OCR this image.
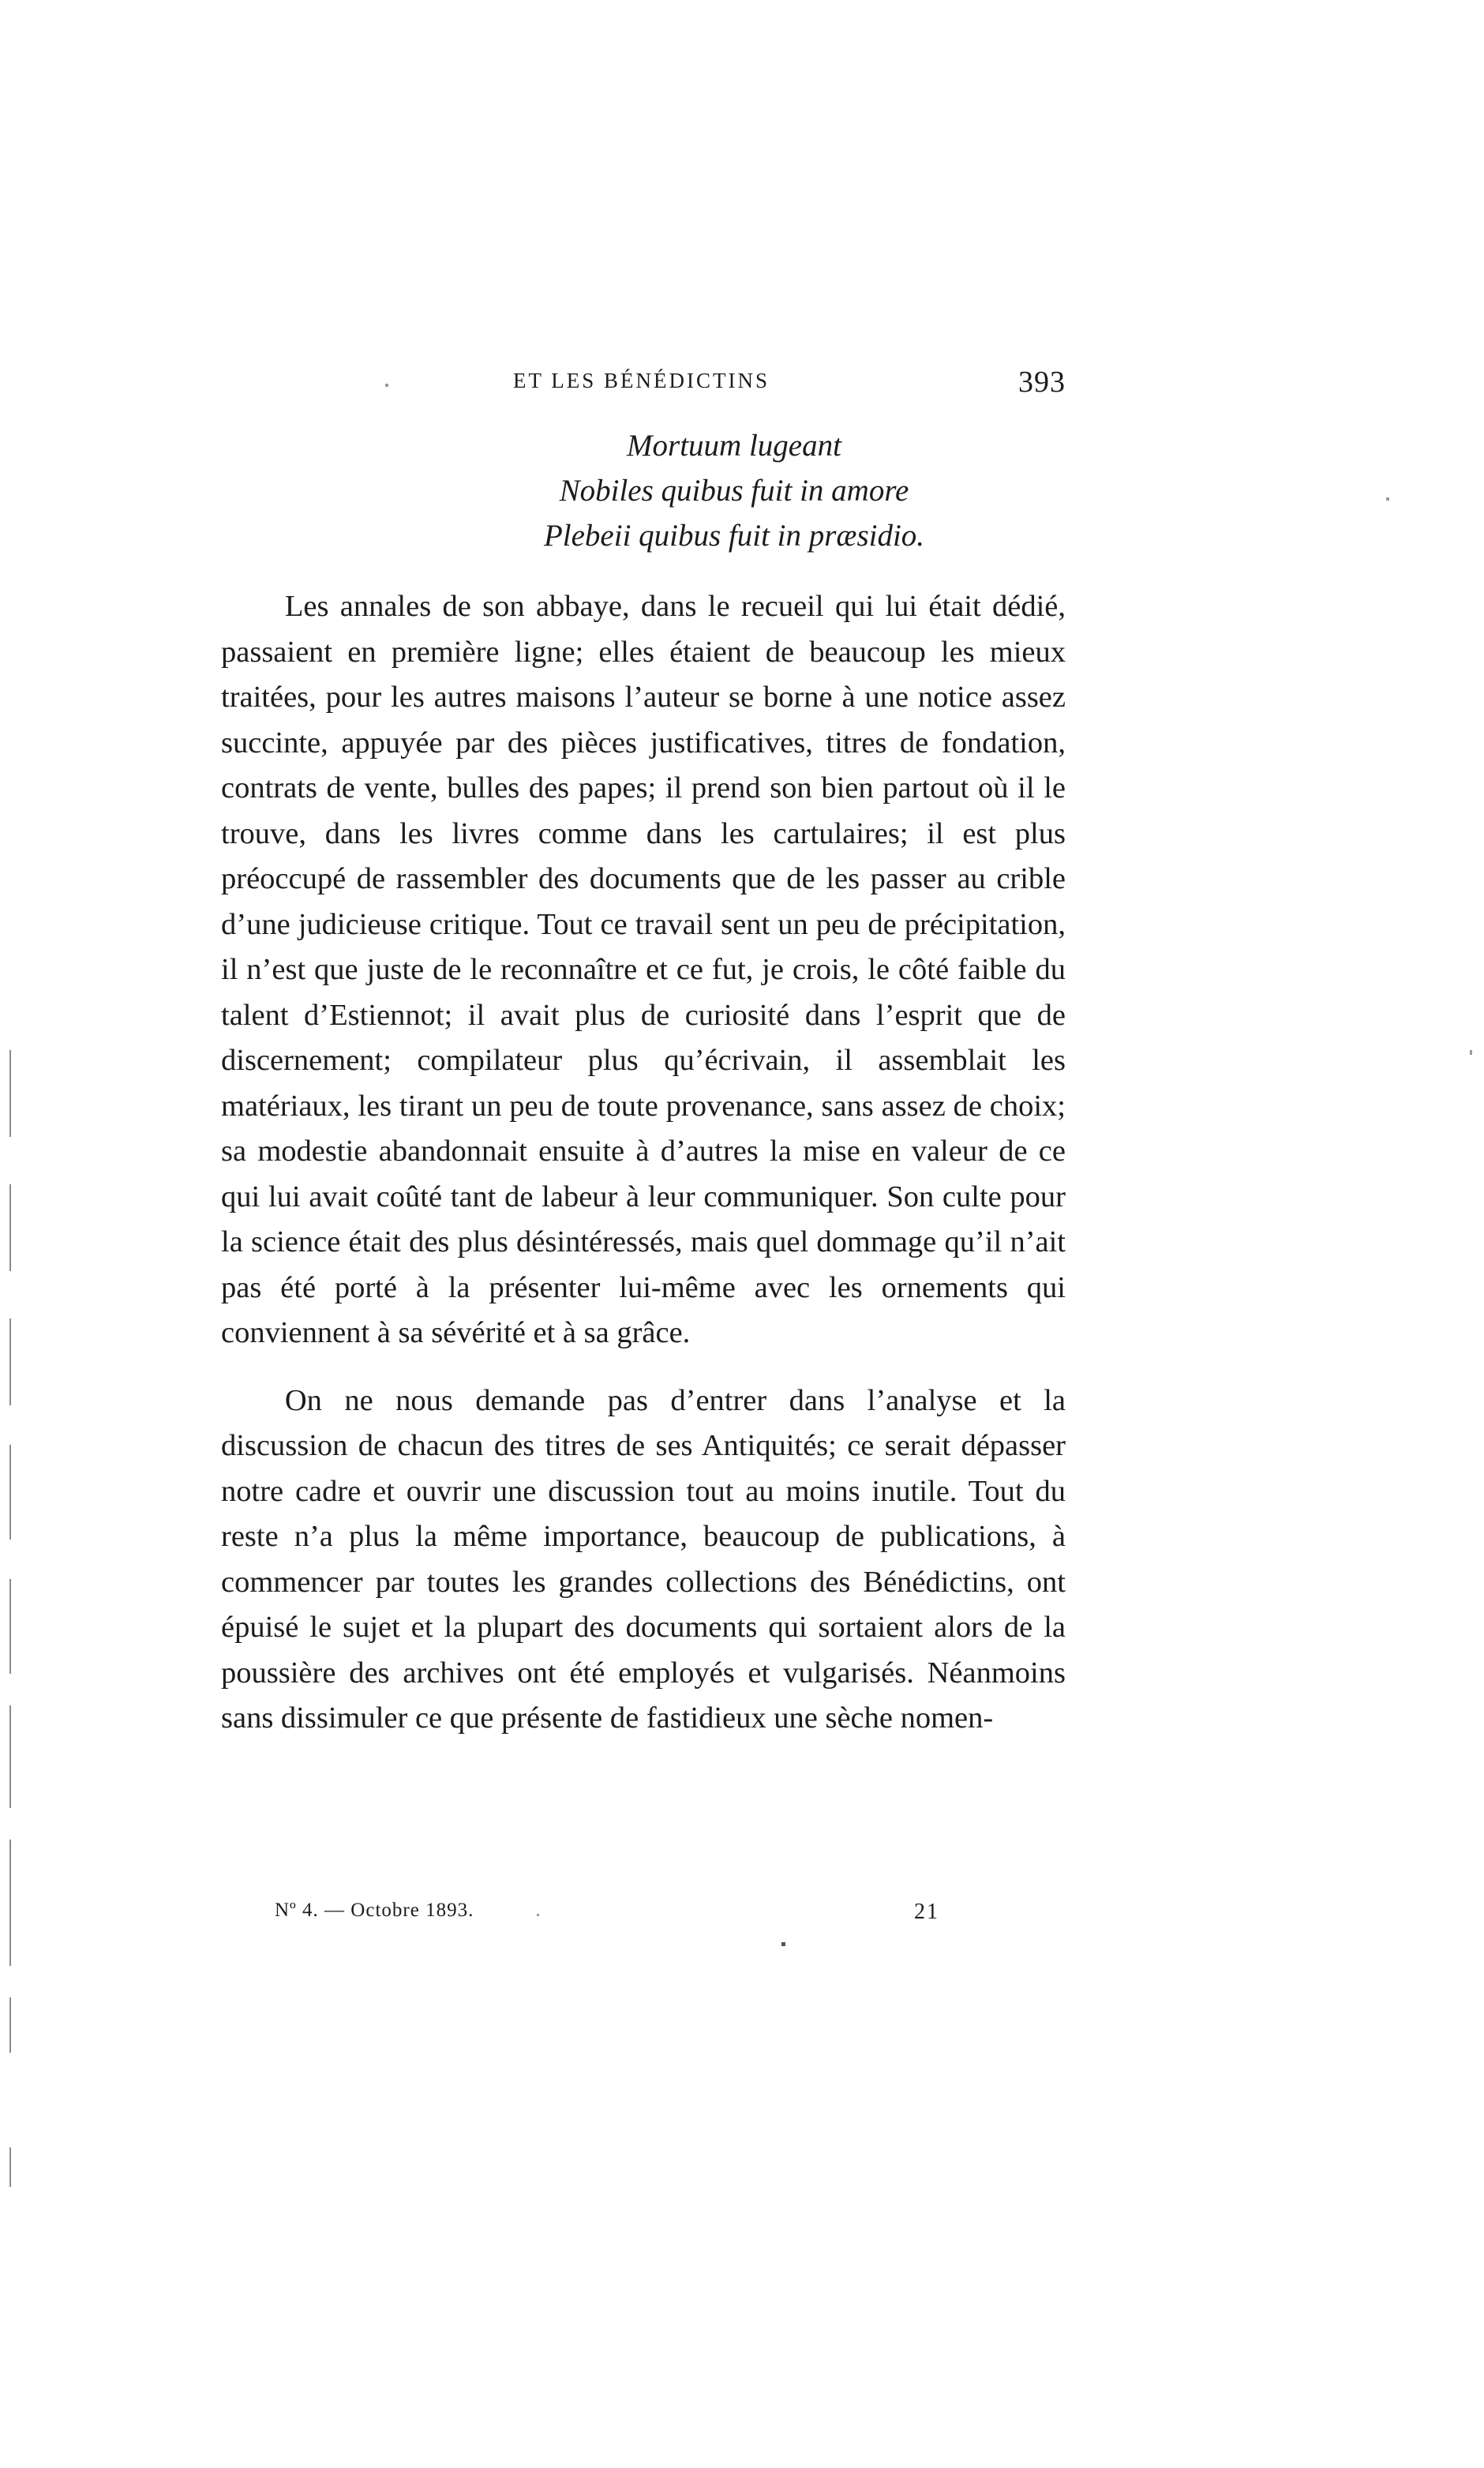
ET LES BÉNÉDICTINS	393
Mortuum lugeant
Nobiles quibus fuit in amore
Plebeii quibus fuit in præsidio.

Les annales de son abbaye, dans le recueil qui lui était dédié, passaient en première ligne; elles étaient de beaucoup les mieux traitées, pour les autres maisons l’auteur se borne à une notice assez succinte, appuyée par des pièces justificatives, titres de fondation, contrats de vente, bulles des papes; il prend son bien partout où il le trouve, dans les livres comme dans les cartulaires; il est plus préoccupé de rassembler des documents que de les passer au crible d’une judicieuse critique. Tout ce travail sent un peu de précipitation, il n’est que juste de le reconnaître et ce fut, je crois, le côté faible du talent d’Estiennot; il avait plus de curiosité dans l’esprit que de discernement; compilateur plus qu’écrivain, il assemblait les matériaux, les tirant un peu de toute provenance, sans assez de choix; sa modestie abandonnait ensuite à d’autres la mise en valeur de ce qui lui avait coûté tant de labeur à leur communiquer. Son culte pour la science était des plus désintéressés, mais quel dommage qu’il n’ait pas été porté à la présenter lui-même avec les ornements qui conviennent à sa sévérité et à sa grâce.

On ne nous demande pas d’entrer dans l’analyse et la discussion de chacun des titres de ses Antiquités; ce serait dépasser notre cadre et ouvrir une discussion tout au moins inutile. Tout du reste n’a plus la même importance, beaucoup de publications, à commencer par toutes les grandes collections des Bénédictins, ont épuisé le sujet et la plupart des documents qui sortaient alors de la poussière des archives ont été employés et vulgarisés. Néanmoins sans dissimuler ce que présente de fastidieux une sèche nomen-

Nº 4. — Octobre 1893.	21
